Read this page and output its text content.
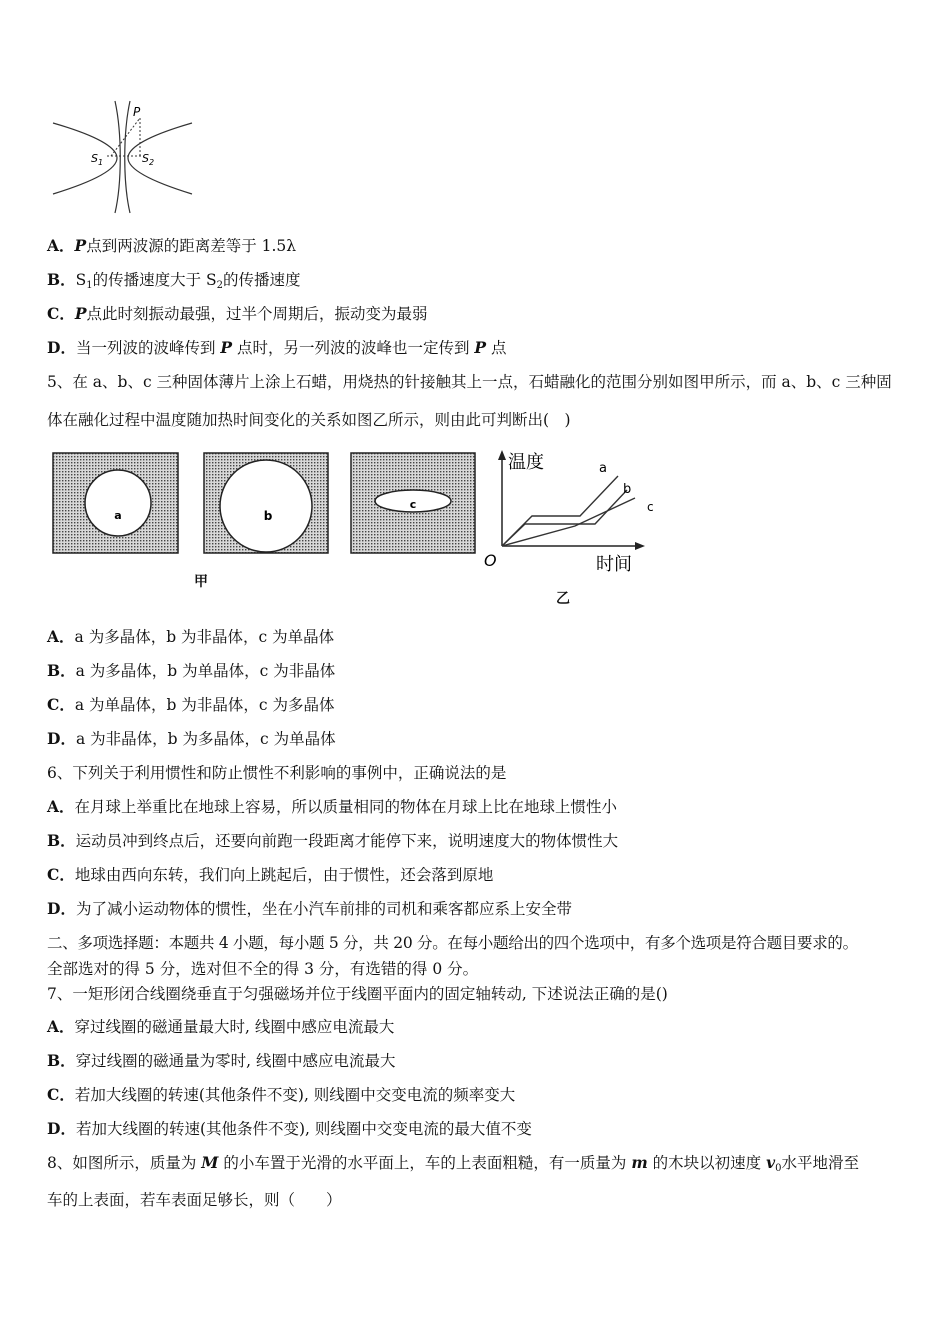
P
$S_1$	$S_2$
A．P点到两波源的距离差等于 1.5λ
B．$S_1$的传播速度大于 $S_2$的传播速度
C．P点此时刻振动最强，过半个周期后，振动变为最弱
D．当一列波的波峰传到 P 点时，另一列波的波峰也一定传到 P 点
5、在 a、b、c 三种固体薄片上涂上石蜡，用烧热的针接触其上一点，石蜡融化的范围分别如图甲所示，而 a、b、c 三种固
体在融化过程中温度随加热时间变化的关系如图乙所示，则由此可判断出(　)
a	b
c
甲
温度
时间
O
a
b
c
乙
A．a 为多晶体，b 为非晶体，c 为单晶体
B．a 为多晶体，b 为单晶体，c 为非晶体
C．a 为单晶体，b 为非晶体，c 为多晶体
D．a 为非晶体，b 为多晶体，c 为单晶体
6、下列关于利用惯性和防止惯性不利影响的事例中，正确说法的是
A．在月球上举重比在地球上容易，所以质量相同的物体在月球上比在地球上惯性小
B．运动员冲到终点后，还要向前跑一段距离才能停下来，说明速度大的物体惯性大
C．地球由西向东转，我们向上跳起后，由于惯性，还会落到原地
D．为了减小运动物体的惯性，坐在小汽车前排的司机和乘客都应系上安全带
二、多项选择题：本题共 4 小题，每小题 5 分，共 20 分。在每小题给出的四个选项中，有多个选项是符合题目要求的。
全部选对的得 5 分，选对但不全的得 3 分，有选错的得 0 分。
7、一矩形闭合线圈绕垂直于匀强磁场并位于线圈平面内的固定轴转动, 下述说法正确的是()
A．穿过线圈的磁通量最大时, 线圈中感应电流最大
B．穿过线圈的磁通量为零时, 线圈中感应电流最大
C．若加大线圈的转速(其他条件不变), 则线圈中交变电流的频率变大
D．若加大线圈的转速(其他条件不变), 则线圈中交变电流的最大值不变
8、如图所示，质量为 M 的小车置于光滑的水平面上，车的上表面粗糙，有一质量为 m 的木块以初速度 $v_0$水平地滑至
车的上表面，若车表面足够长，则（　　）
